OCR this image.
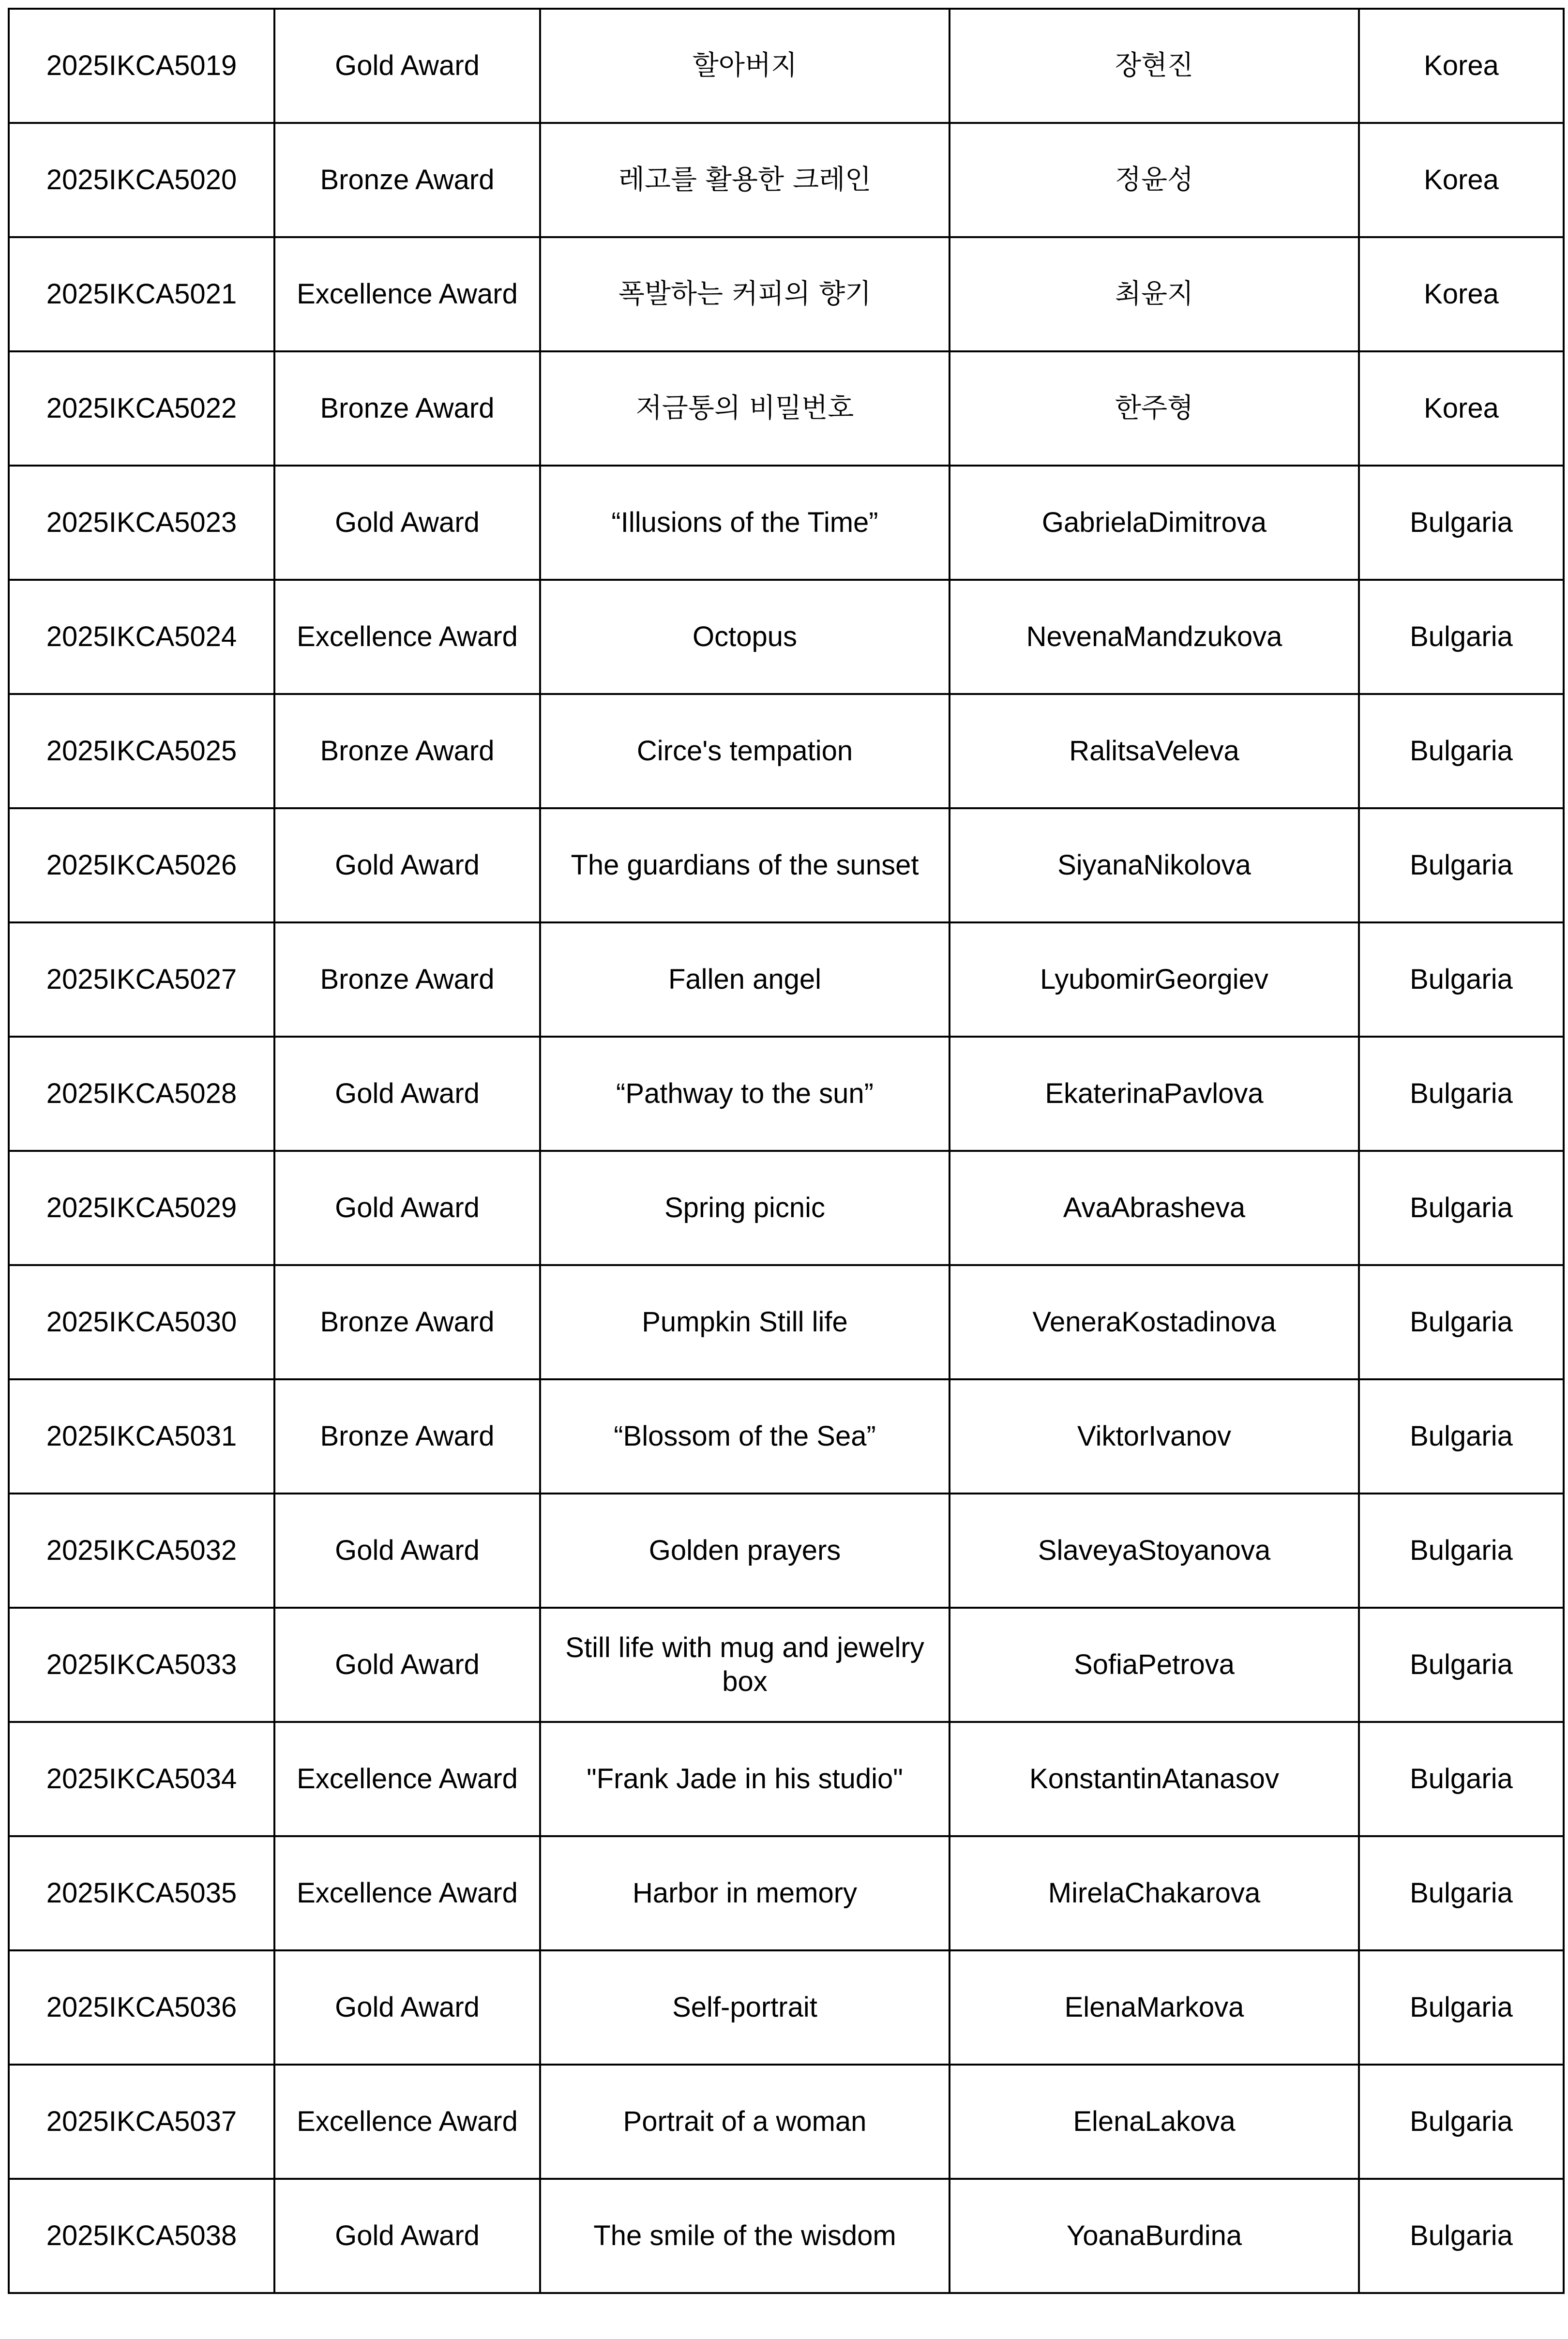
2025IKCA5019	Gold Award	할아버지	장현진	Korea
2025IKCA5020	Bronze Award	레고를 활용한 크레인	정윤성	Korea
2025IKCA5021	Excellence Award	폭발하는 커피의 향기	최윤지	Korea
2025IKCA5022	Bronze Award	저금통의 비밀번호	한주형	Korea
2025IKCA5023	Gold Award	“Illusions of the Time”	GabrielaDimitrova	Bulgaria
2025IKCA5024	Excellence Award	Octopus	NevenaMandzukova	Bulgaria
2025IKCA5025	Bronze Award	Circe's tempation	RalitsaVeleva	Bulgaria
2025IKCA5026	Gold Award	The guardians of the sunset	SiyanaNikolova	Bulgaria
2025IKCA5027	Bronze Award	Fallen angel	LyubomirGeorgiev	Bulgaria
2025IKCA5028	Gold Award	“Pathway to the sun”	EkaterinaPavlova	Bulgaria
2025IKCA5029	Gold Award	Spring picnic	AvaAbrasheva	Bulgaria
2025IKCA5030	Bronze Award	Pumpkin Still life	VeneraKostadinova	Bulgaria
2025IKCA5031	Bronze Award	“Blossom of the Sea”	ViktorIvanov	Bulgaria
2025IKCA5032	Gold Award	Golden prayers	SlaveyaStoyanova	Bulgaria
2025IKCA5033	Gold Award	Still life with mug and jewelry box	SofiaPetrova	Bulgaria
2025IKCA5034	Excellence Award	"Frank Jade in his studio"	KonstantinAtanasov	Bulgaria
2025IKCA5035	Excellence Award	Harbor in memory	MirelaChakarova	Bulgaria
2025IKCA5036	Gold Award	Self-portrait	ElenaMarkova	Bulgaria
2025IKCA5037	Excellence Award	Portrait of a woman	ElenaLakova	Bulgaria
2025IKCA5038	Gold Award	The smile of the wisdom	YoanaBurdina	Bulgaria
